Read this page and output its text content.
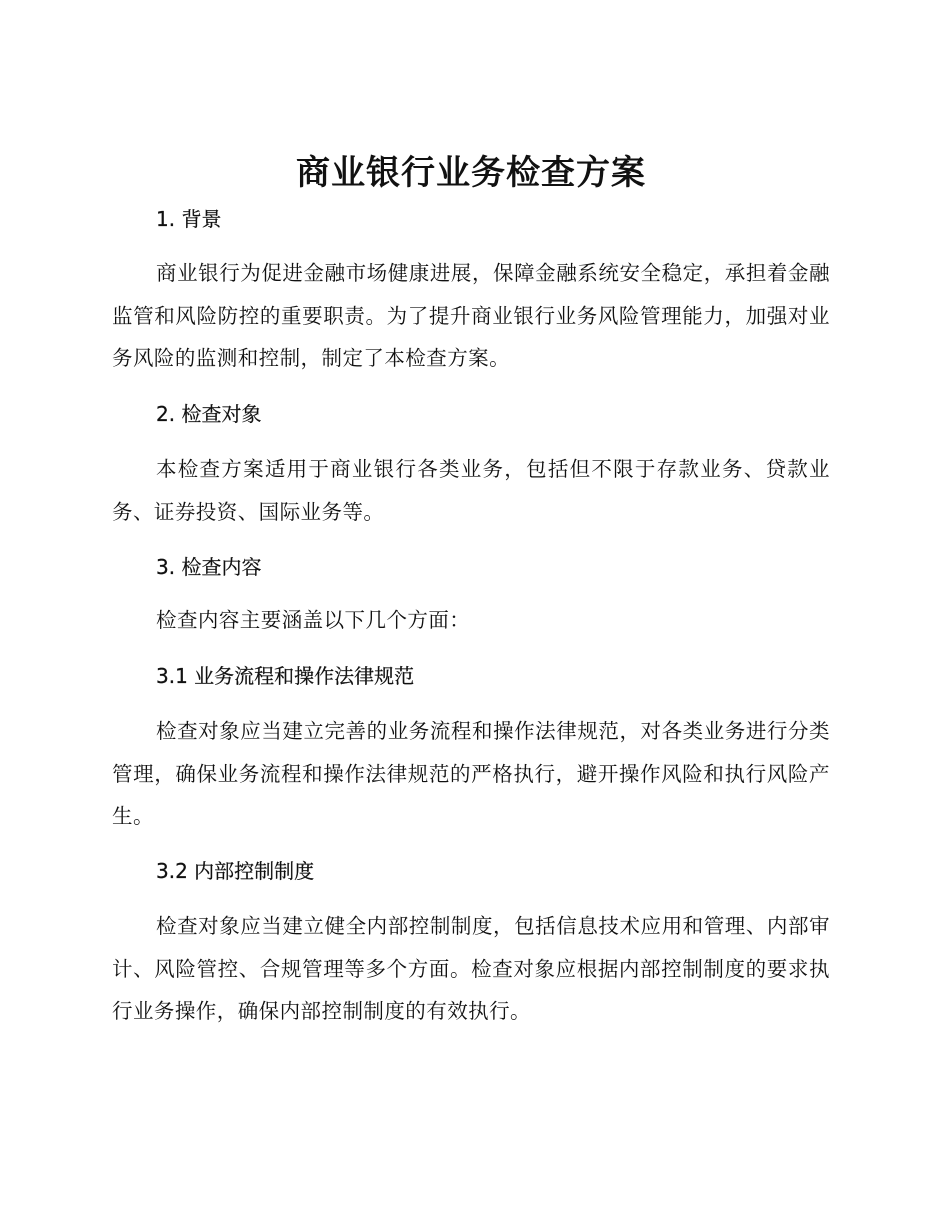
商业银行业务检查方案
1. 背景
商业银行为促进金融市场健康进展，保障金融系统安全稳定，承担着金融监管和风险防控的重要职责。为了提升商业银行业务风险管理能力，加强对业务风险的监测和控制，制定了本检查方案。
2. 检查对象
本检查方案适用于商业银行各类业务，包括但不限于存款业务、贷款业务、证券投资、国际业务等。
3. 检查内容
检查内容主要涵盖以下几个方面：
3.1 业务流程和操作法律规范
检查对象应当建立完善的业务流程和操作法律规范，对各类业务进行分类管理，确保业务流程和操作法律规范的严格执行，避开操作风险和执行风险产生。
3.2 内部控制制度
检查对象应当建立健全内部控制制度，包括信息技术应用和管理、内部审计、风险管控、合规管理等多个方面。检查对象应根据内部控制制度的要求执行业务操作，确保内部控制制度的有效执行。
